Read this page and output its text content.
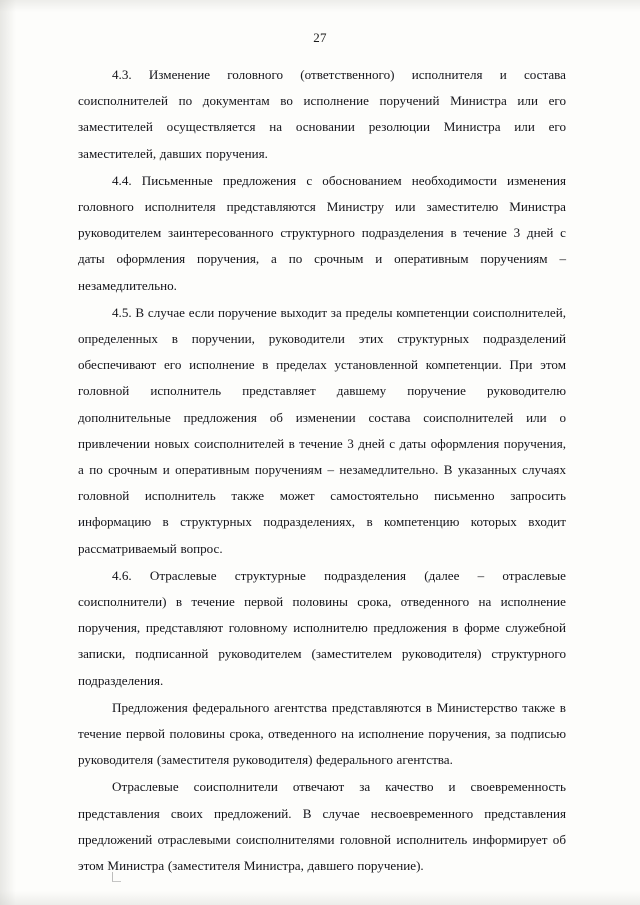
27

4.3. Изменение головного (ответственного) исполнителя и состава соисполнителей по документам во исполнение поручений Министра или его заместителей осуществляется на основании резолюции Министра или его заместителей, давших поручения.

4.4. Письменные предложения с обоснованием необходимости изменения головного исполнителя представляются Министру или заместителю Министра руководителем заинтересованного структурного подразделения в течение 3 дней с даты оформления поручения, а по срочным и оперативным поручениям – незамедлительно.

4.5. В случае если поручение выходит за пределы компетенции соисполнителей, определенных в поручении, руководители этих структурных подразделений обеспечивают его исполнение в пределах установленной компетенции. При этом головной исполнитель представляет давшему поручение руководителю дополнительные предложения об изменении состава соисполнителей или о привлечении новых соисполнителей в течение 3 дней с даты оформления поручения, а по срочным и оперативным поручениям – незамедлительно. В указанных случаях головной исполнитель также может самостоятельно письменно запросить информацию в структурных подразделениях, в компетенцию которых входит рассматриваемый вопрос.

4.6. Отраслевые структурные подразделения (далее – отраслевые соисполнители) в течение первой половины срока, отведенного на исполнение поручения, представляют головному исполнителю предложения в форме служебной записки, подписанной руководителем (заместителем руководителя) структурного подразделения.

Предложения федерального агентства представляются в Министерство также в течение первой половины срока, отведенного на исполнение поручения, за подписью руководителя (заместителя руководителя) федерального агентства.

Отраслевые соисполнители отвечают за качество и своевременность представления своих предложений. В случае несвоевременного представления предложений отраслевыми соисполнителями головной исполнитель информирует об этом Министра (заместителя Министра, давшего поручение).
